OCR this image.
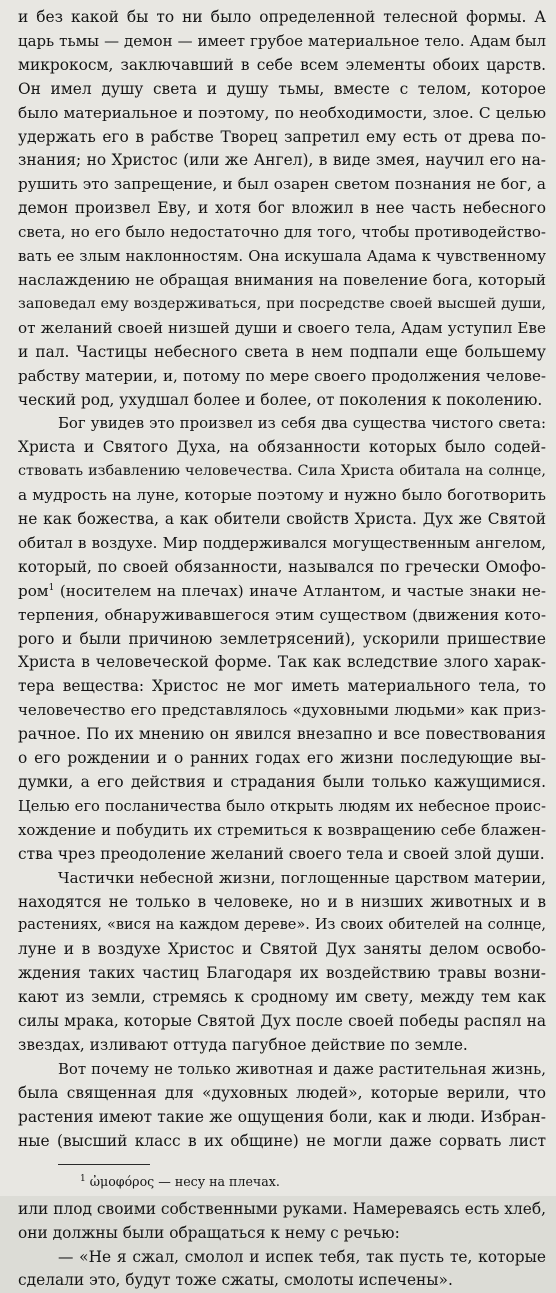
и без какой бы то ни было определенной телесной формы. А
царь тьмы — демон — имеет грубое материальное тело. Адам был
микрокосм, заключавший в себе всем элементы обоих царств.
Он имел душу света и душу тьмы, вместе с телом, которое
было материальное и поэтому, по необходимости, злое. С целью
удержать его в рабстве Творец запретил ему есть от древа по-
знания; но Христос (или же Ангел), в виде змея, научил его на-
рушить это запрещение, и был озарен светом познания не бог, а
демон произвел Еву, и хотя бог вложил в нее часть небесного
света, но его было недостаточно для того, чтобы противодейство-
вать ее злым наклонностям. Она искушала Адама к чувственному
наслаждению не обращая внимания на повеление бога, который
заповедал ему воздерживаться, при посредстве своей высшей души,
от желаний своей низшей души и своего тела, Адам уступил Еве
и пал. Частицы небесного света в нем подпали еще большему
рабству материи, и, потому по мере своего продолжения челове-
ческий род, ухудшал более и более, от поколения к поколению.
Бог увидев это произвел из себя два существа чистого света:
Христа и Святого Духа, на обязанности которых было содей-
ствовать избавлению человечества. Сила Христа обитала на солнце,
а мудрость на луне, которые поэтому и нужно было боготворить
не как божества, а как обители свойств Христа. Дух же Святой
обитал в воздухе. Мир поддерживался могущественным ангелом,
который, по своей обязанности, назывался по гречески Омофо-
ром$^1$ (носителем на плечах) иначе Атлантом, и частые знаки не-
терпения, обнаруживавшегося этим существом (движения кото-
рого и были причиною землетрясений), ускорили пришествие
Христа в человеческой форме. Так как вследствие злого харак-
тера вещества: Христос не мог иметь материального тела, то
человечество его представлялось «духовными людьми» как приз-
рачное. По их мнению он явился внезапно и все повествования
о его рождении и о ранних годах его жизни последующие вы-
думки, а его действия и страдания были только кажущимися.
Целью его посланичества было открыть людям их небесное проис-
хождение и побудить их стремиться к возвращению себе блажен-
ства чрез преодоление желаний своего тела и своей злой души.
Частички небесной жизни, поглощенные царством материи,
находятся не только в человеке, но и в низших животных и в
растениях, «вися на каждом дереве». Из своих обителей на солнце,
луне и в воздухе Христос и Святой Дух заняты делом освобо-
ждения таких частиц Благодаря их воздействию травы возни-
кают из земли, стремясь к сродному им свету, между тем как
силы мрака, которые Святой Дух после своей победы распял на
звездах, изливают оттуда пагубное действие по земле.
Вот почему не только животная и даже растительная жизнь,
была священная для «духовных людей», которые верили, что
растения имеют такие же ощущения боли, как и люди. Избран-
ные (высший класс в их общине) не могли даже сорвать лист
$^1$ ὠμοφόρος — несу на плечах.
или плод своими собственными руками. Намереваясь есть хлеб,
они должны были обращаться к нему с речью:
— «Не я сжал, смолол и испек тебя, так пусть те, которые
сделали это, будут тоже сжаты, смолоты испечены».
